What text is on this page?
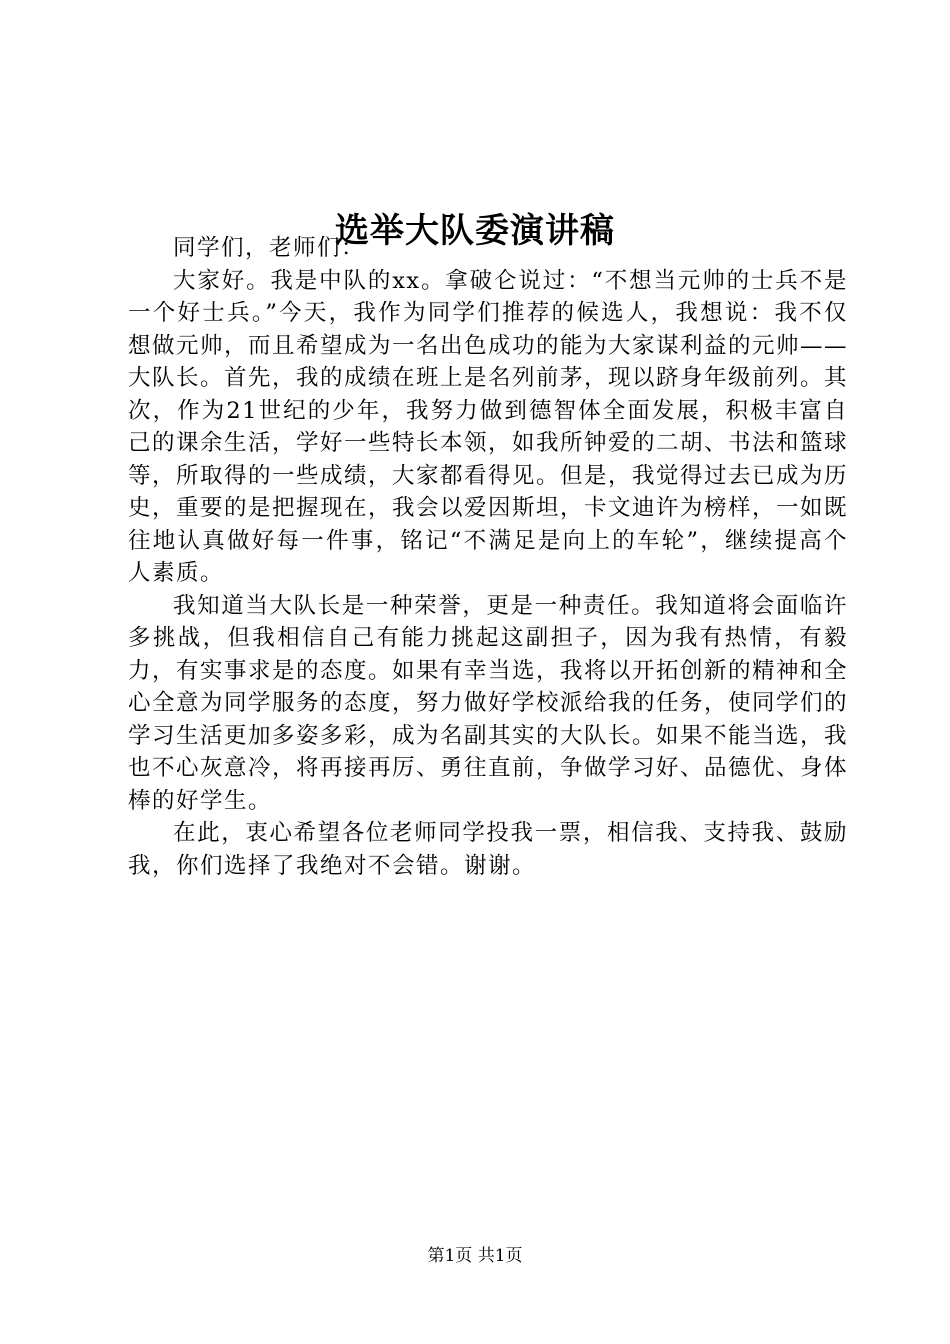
选举大队委演讲稿

同学们，老师们：

大家好。我是中队的xx。拿破仑说过：“不想当元帅的士兵不是一个好士兵。”今天，我作为同学们推荐的候选人，我想说：我不仅想做元帅，而且希望成为一名出色成功的能为大家谋利益的元帅——大队长。首先，我的成绩在班上是名列前茅，现以跻身年级前列。其次，作为21世纪的少年，我努力做到德智体全面发展，积极丰富自己的课余生活，学好一些特长本领，如我所钟爱的二胡、书法和篮球等，所取得的一些成绩，大家都看得见。但是，我觉得过去已成为历史，重要的是把握现在，我会以爱因斯坦，卡文迪许为榜样，一如既往地认真做好每一件事，铭记“不满足是向上的车轮”，继续提高个人素质。

我知道当大队长是一种荣誉，更是一种责任。我知道将会面临许多挑战，但我相信自己有能力挑起这副担子，因为我有热情，有毅力，有实事求是的态度。如果有幸当选，我将以开拓创新的精神和全心全意为同学服务的态度，努力做好学校派给我的任务，使同学们的学习生活更加多姿多彩，成为名副其实的大队长。如果不能当选，我也不心灰意冷，将再接再厉、勇往直前，争做学习好、品德优、身体棒的好学生。

在此，衷心希望各位老师同学投我一票，相信我、支持我、鼓励我，你们选择了我绝对不会错。谢谢。

第1页 共1页
